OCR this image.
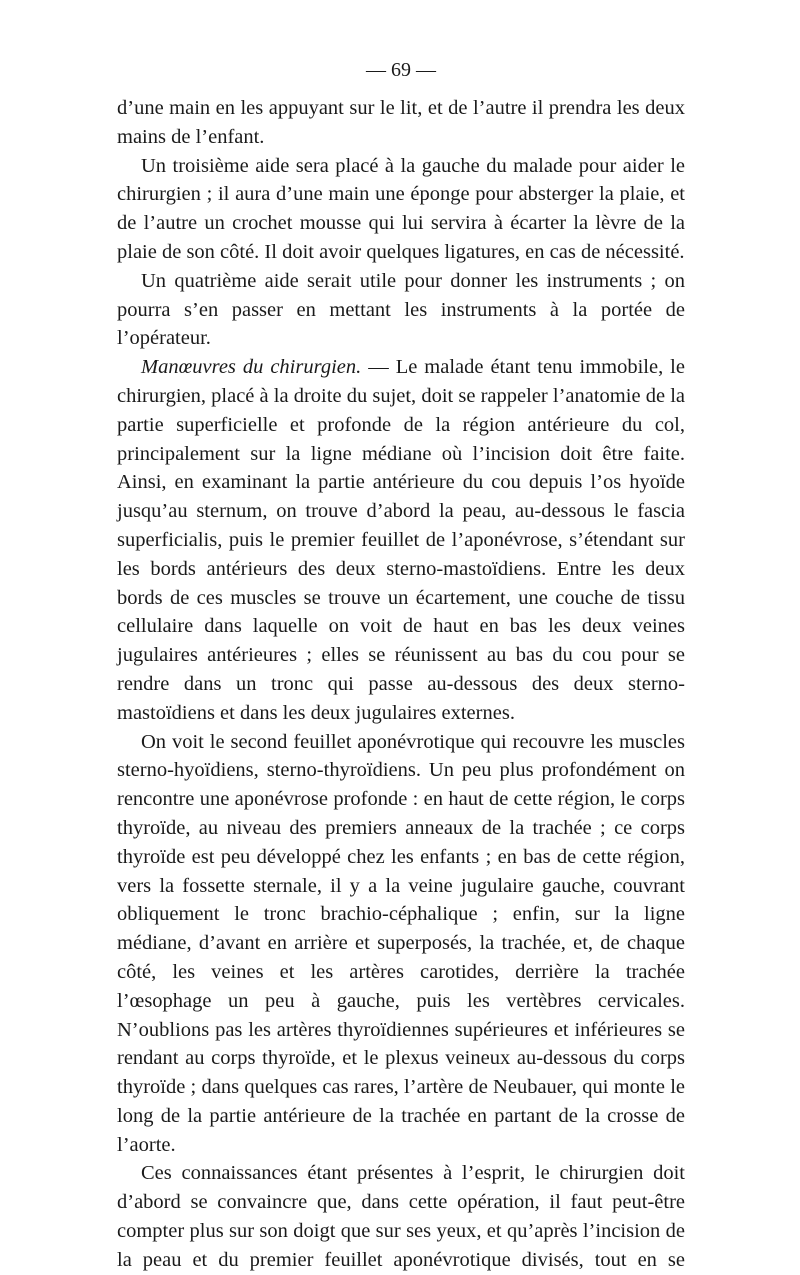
— 69 —

d’une main en les appuyant sur le lit, et de l’autre il prendra les deux mains de l’enfant.

Un troisième aide sera placé à la gauche du malade pour aider le chirurgien ; il aura d’une main une éponge pour absterger la plaie, et de l’autre un crochet mousse qui lui servira à écarter la lèvre de la plaie de son côté. Il doit avoir quelques ligatures, en cas de nécessité.

Un quatrième aide serait utile pour donner les instruments ; on pourra s’en passer en mettant les instruments à la portée de l’opérateur.

Manœuvres du chirurgien. — Le malade étant tenu immobile, le chirurgien, placé à la droite du sujet, doit se rappeler l’anatomie de la partie superficielle et profonde de la région antérieure du col, principalement sur la ligne médiane où l’incision doit être faite. Ainsi, en examinant la partie antérieure du cou depuis l’os hyoïde jusqu’au sternum, on trouve d’abord la peau, au-dessous le fascia superficialis, puis le premier feuillet de l’aponévrose, s’étendant sur les bords antérieurs des deux sterno-mastoïdiens. Entre les deux bords de ces muscles se trouve un écartement, une couche de tissu cellulaire dans laquelle on voit de haut en bas les deux veines jugulaires antérieures ; elles se réunissent au bas du cou pour se rendre dans un tronc qui passe au-dessous des deux sterno-mastoïdiens et dans les deux jugulaires externes.

On voit le second feuillet aponévrotique qui recouvre les muscles sterno-hyoïdiens, sterno-thyroïdiens. Un peu plus profondément on rencontre une aponévrose profonde : en haut de cette région, le corps thyroïde, au niveau des premiers anneaux de la trachée ; ce corps thyroïde est peu développé chez les enfants ; en bas de cette région, vers la fossette sternale, il y a la veine jugulaire gauche, couvrant obliquement le tronc brachio-céphalique ; enfin, sur la ligne médiane, d’avant en arrière et superposés, la trachée, et, de chaque côté, les veines et les artères carotides, derrière la trachée l’œsophage un peu à gauche, puis les vertèbres cervicales. N’oublions pas les artères thyroïdiennes supérieures et inférieures se rendant au corps thyroïde, et le plexus veineux au-dessous du corps thyroïde ; dans quelques cas rares, l’artère de Neubauer, qui monte le long de la partie antérieure de la trachée en partant de la crosse de l’aorte.

Ces connaissances étant présentes à l’esprit, le chirurgien doit d’abord se convaincre que, dans cette opération, il faut peut-être compter plus sur son doigt que sur ses yeux, et qu’après l’incision de la peau et du premier feuillet aponévrotique divisés, tout en se
